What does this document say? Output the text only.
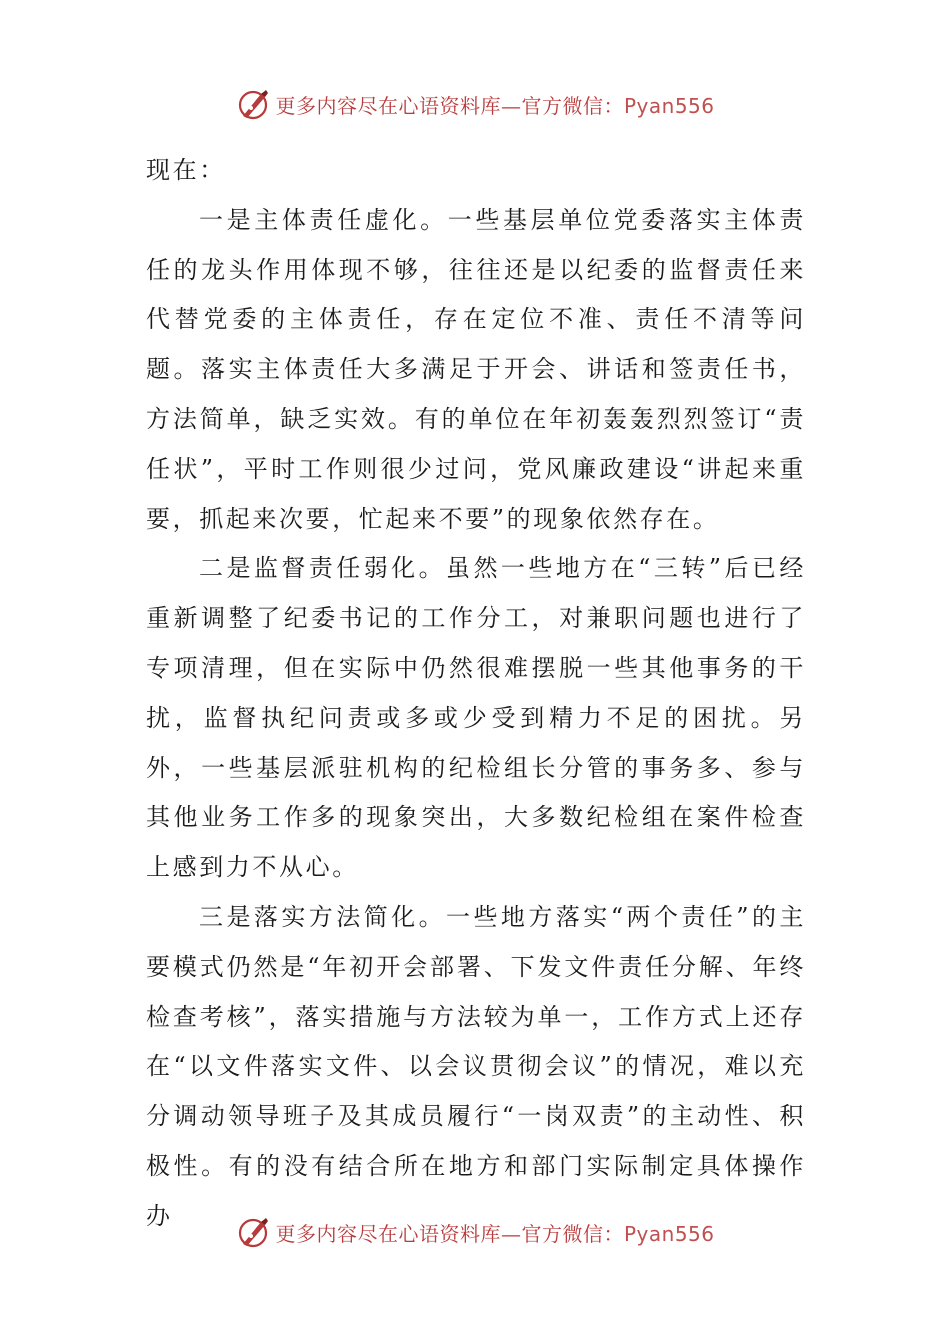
更多内容尽在心语资料库—官方微信：Pyan556

现在：

一是主体责任虚化。一些基层单位党委落实主体责任的龙头作用体现不够，往往还是以纪委的监督责任来代替党委的主体责任，存在定位不准、责任不清等问题。落实主体责任大多满足于开会、讲话和签责任书，方法简单，缺乏实效。有的单位在年初轰轰烈烈签订“责任状”，平时工作则很少过问，党风廉政建设“讲起来重要，抓起来次要，忙起来不要”的现象依然存在。

二是监督责任弱化。虽然一些地方在“三转”后已经重新调整了纪委书记的工作分工，对兼职问题也进行了专项清理，但在实际中仍然很难摆脱一些其他事务的干扰，监督执纪问责或多或少受到精力不足的困扰。另外，一些基层派驻机构的纪检组长分管的事务多、参与其他业务工作多的现象突出，大多数纪检组在案件检查上感到力不从心。

三是落实方法简化。一些地方落实“两个责任”的主要模式仍然是“年初开会部署、下发文件责任分解、年终检查考核”，落实措施与方法较为单一，工作方式上还存在“以文件落实文件、以会议贯彻会议”的情况，难以充分调动领导班子及其成员履行“一岗双责”的主动性、积极性。有的没有结合所在地方和部门实际制定具体操作办

更多内容尽在心语资料库—官方微信：Pyan556
